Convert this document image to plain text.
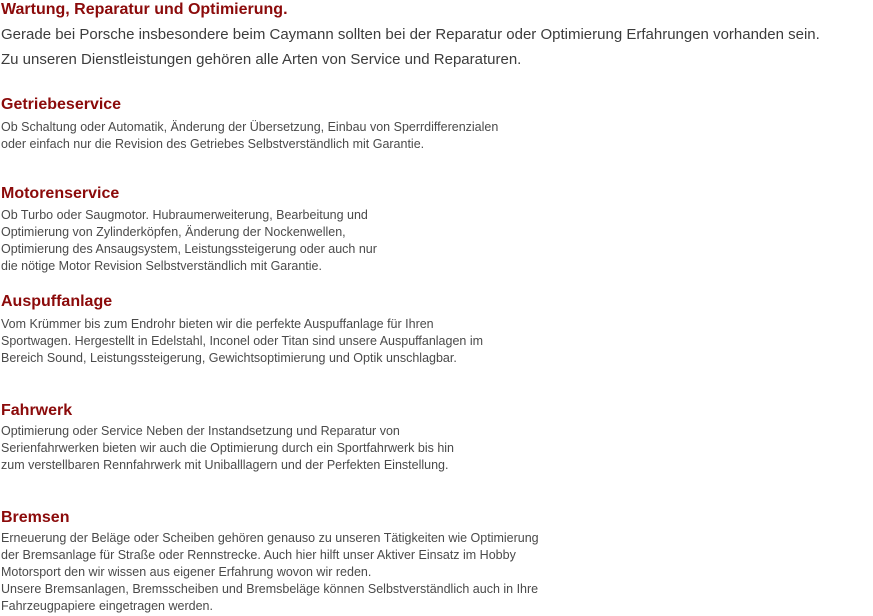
Wartung, Reparatur und Optimierung.

Gerade bei Porsche insbesondere beim Caymann sollten bei der Reparatur oder Optimierung Erfahrungen vorhanden sein.

Zu unseren Dienstleistungen gehören alle Arten von Service und Reparaturen.

Getriebeservice
Ob Schaltung oder Automatik, Änderung der Übersetzung, Einbau von Sperrdifferenzialen
oder einfach nur die Revision des Getriebes Selbstverständlich mit Garantie.
Motorenservice
Ob Turbo oder Saugmotor. Hubraumerweiterung, Bearbeitung und
Optimierung von Zylinderköpfen, Änderung der Nockenwellen,
Optimierung des Ansaugsystem, Leistungssteigerung oder auch nur
die nötige Motor Revision Selbstverständlich mit Garantie.
Auspuffanlage
Vom Krümmer bis zum Endrohr bieten wir die perfekte Auspuffanlage für Ihren
Sportwagen. Hergestellt in Edelstahl, Inconel oder Titan sind unsere Auspuffanlagen im
Bereich Sound, Leistungssteigerung, Gewichtsoptimierung und Optik unschlagbar.
Fahrwerk
Optimierung oder Service Neben der Instandsetzung und Reparatur von
Serienfahrwerken bieten wir auch die Optimierung durch ein Sportfahrwerk bis hin
zum verstellbaren Rennfahrwerk mit Uniballlagern und der Perfekten Einstellung.
Bremsen
Erneuerung der Beläge oder Scheiben gehören genauso zu unseren Tätigkeiten wie Optimierung
der Bremsanlage für Straße oder Rennstrecke. Auch hier hilft unser Aktiver Einsatz im Hobby
Motorsport den wir wissen aus eigener Erfahrung wovon wir reden.
Unsere Bremsanlagen, Bremsscheiben und Bremsbeläge können Selbstverständlich auch in Ihre
Fahrzeugpapiere eingetragen werden.
